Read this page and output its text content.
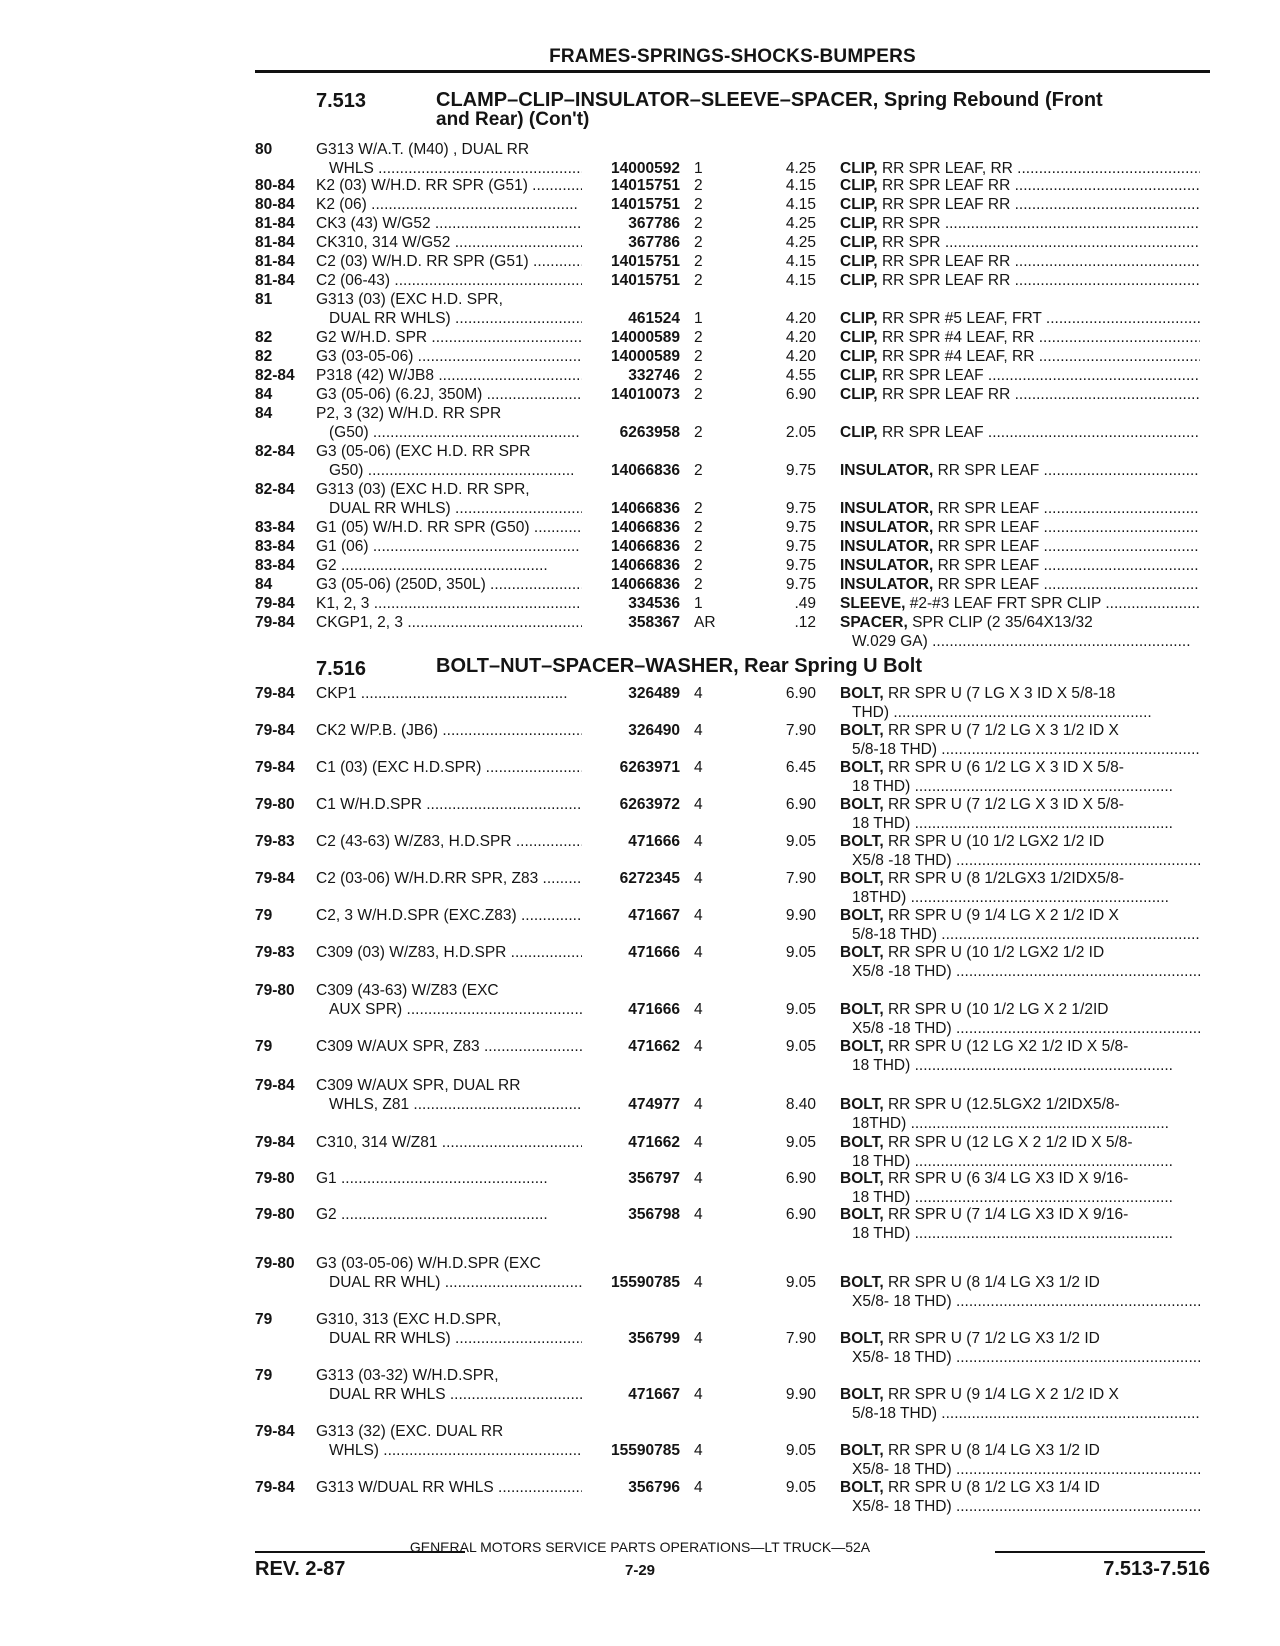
FRAMES-SPRINGS-SHOCKS-BUMPERS
7.513	CLAMP–CLIP–INSULATOR–SLEEVE–SPACER, Spring Rebound (Front
and Rear) (Con't)
7.516	BOLT–NUT–SPACER–WASHER, Rear Spring U Bolt
80	G313 W/A.T. (M40) , DUAL RR
WHLS .....	14000592 1	4.25 CLIP, RR SPR LEAF, RR .....
80-84 K2 (03) W/H.D. RR SPR (G51) .....	14015751 2	4.15 CLIP, RR SPR LEAF RR .....
80-84 K2 (06) .....	14015751 2	4.15 CLIP, RR SPR LEAF RR .....
81-84 CK3 (43) W/G52 .....	367786 2	4.25 CLIP, RR SPR .....
81-84 CK310, 314 W/G52 .....	367786 2	4.25 CLIP, RR SPR .....
81-84 C2 (03) W/H.D. RR SPR (G51) .....	14015751 2	4.15 CLIP, RR SPR LEAF RR .....
81-84 C2 (06-43) .....	14015751 2	4.15 CLIP, RR SPR LEAF RR .....
81	G313 (03) (EXC H.D. SPR,
DUAL RR WHLS) .....	461524 1	4.20 CLIP, RR SPR #5 LEAF, FRT .....
82	G2 W/H.D. SPR .....	14000589 2	4.20 CLIP, RR SPR #4 LEAF, RR .....
82	G3 (03-05-06) .....	14000589 2	4.20 CLIP, RR SPR #4 LEAF, RR .....
82-84 P318 (42) W/JB8 .....	332746 2	4.55 CLIP, RR SPR LEAF .....
84	G3 (05-06) (6.2J, 350M) .....	14010073 2	6.90 CLIP, RR SPR LEAF RR .....
84	P2, 3 (32) W/H.D. RR SPR
(G50) .....	6263958 2	2.05 CLIP, RR SPR LEAF .....
82-84 G3 (05-06) (EXC H.D. RR SPR
G50) .....	14066836 2	9.75 INSULATOR, RR SPR LEAF .....
82-84 G313 (03) (EXC H.D. RR SPR,
DUAL RR WHLS) .....	14066836 2	9.75 INSULATOR, RR SPR LEAF .....
83-84 G1 (05) W/H.D. RR SPR (G50) .....	14066836 2	9.75 INSULATOR, RR SPR LEAF .....
83-84 G1 (06) .....	14066836 2	9.75 INSULATOR, RR SPR LEAF .....
83-84 G2 .....	14066836 2	9.75 INSULATOR, RR SPR LEAF .....
84	G3 (05-06) (250D, 350L) .....	14066836 2	9.75 INSULATOR, RR SPR LEAF .....
79-84 K1, 2, 3 .....	334536 1	.49 SLEEVE, #2-#3 LEAF FRT SPR CLIP .....
79-84 CKGP1, 2, 3 .....	358367 AR	.12 SPACER, SPR CLIP (2 35/64X13/32
W.029 GA) .....
79-84 CKP1 .....	326489 4	6.90 BOLT, RR SPR U (7 LG X 3 ID X 5/8-18
THD) .....
79-84 CK2 W/P.B. (JB6) .....	326490 4	7.90 BOLT, RR SPR U (7 1/2 LG X 3 1/2 ID X
5/8-18 THD) .....
79-84 C1 (03) (EXC H.D.SPR) .....	6263971 4	6.45 BOLT, RR SPR U (6 1/2 LG X 3 ID X 5/8-
18 THD) .....
79-80 C1 W/H.D.SPR .....	6263972 4	6.90 BOLT, RR SPR U (7 1/2 LG X 3 ID X 5/8-
18 THD) .....
79-83 C2 (43-63) W/Z83, H.D.SPR .....	471666 4	9.05 BOLT, RR SPR U (10 1/2 LGX2 1/2 ID
X5/8 -18 THD) .....
79-84 C2 (03-06) W/H.D.RR SPR, Z83 .....	6272345 4	7.90 BOLT, RR SPR U (8 1/2LGX3 1/2IDX5/8-
18THD) .....
79	C2, 3 W/H.D.SPR (EXC.Z83) .....	471667 4	9.90 BOLT, RR SPR U (9 1/4 LG X 2 1/2 ID X
5/8-18 THD) .....
79-83 C309 (03) W/Z83, H.D.SPR .....	471666 4	9.05 BOLT, RR SPR U (10 1/2 LGX2 1/2 ID
X5/8 -18 THD) .....
79-80 C309 (43-63) W/Z83 (EXC
AUX SPR) .....	471666 4	9.05 BOLT, RR SPR U (10 1/2 LG X 2 1/2ID
X5/8 -18 THD) .....
79	C309 W/AUX SPR, Z83 .....	471662 4	9.05 BOLT, RR SPR U (12 LG X2 1/2 ID X 5/8-
18 THD) .....
79-84 C309 W/AUX SPR, DUAL RR
WHLS, Z81 .....	474977 4	8.40 BOLT, RR SPR U (12.5LGX2 1/2IDX5/8-
18THD) .....
79-84 C310, 314 W/Z81 .....	471662 4	9.05 BOLT, RR SPR U (12 LG X 2 1/2 ID X 5/8-
18 THD) .....
79-80 G1 .....	356797 4	6.90 BOLT, RR SPR U (6 3/4 LG X3 ID X 9/16-
18 THD) .....
79-80 G2 .....	356798 4	6.90 BOLT, RR SPR U (7 1/4 LG X3 ID X 9/16-
18 THD) .....
79-80 G3 (03-05-06) W/H.D.SPR (EXC
DUAL RR WHL) .....	15590785 4	9.05 BOLT, RR SPR U (8 1/4 LG X3 1/2 ID
X5/8- 18 THD) .....
79	G310, 313 (EXC H.D.SPR,
DUAL RR WHLS) .....	356799 4	7.90 BOLT, RR SPR U (7 1/2 LG X3 1/2 ID
X5/8- 18 THD) .....
79	G313 (03-32) W/H.D.SPR,
DUAL RR WHLS .....	471667 4	9.90 BOLT, RR SPR U (9 1/4 LG X 2 1/2 ID X
5/8-18 THD) .....
79-84 G313 (32) (EXC. DUAL RR
WHLS) .....	15590785 4	9.05 BOLT, RR SPR U (8 1/4 LG X3 1/2 ID
X5/8- 18 THD) .....
79-84 G313 W/DUAL RR WHLS .....	356796 4	9.05 BOLT, RR SPR U (8 1/2 LG X3 1/4 ID
X5/8- 18 THD) .....
GENERAL MOTORS SERVICE PARTS OPERATIONS—LT TRUCK—52A
REV. 2-87	7-29	7.513-7.516
